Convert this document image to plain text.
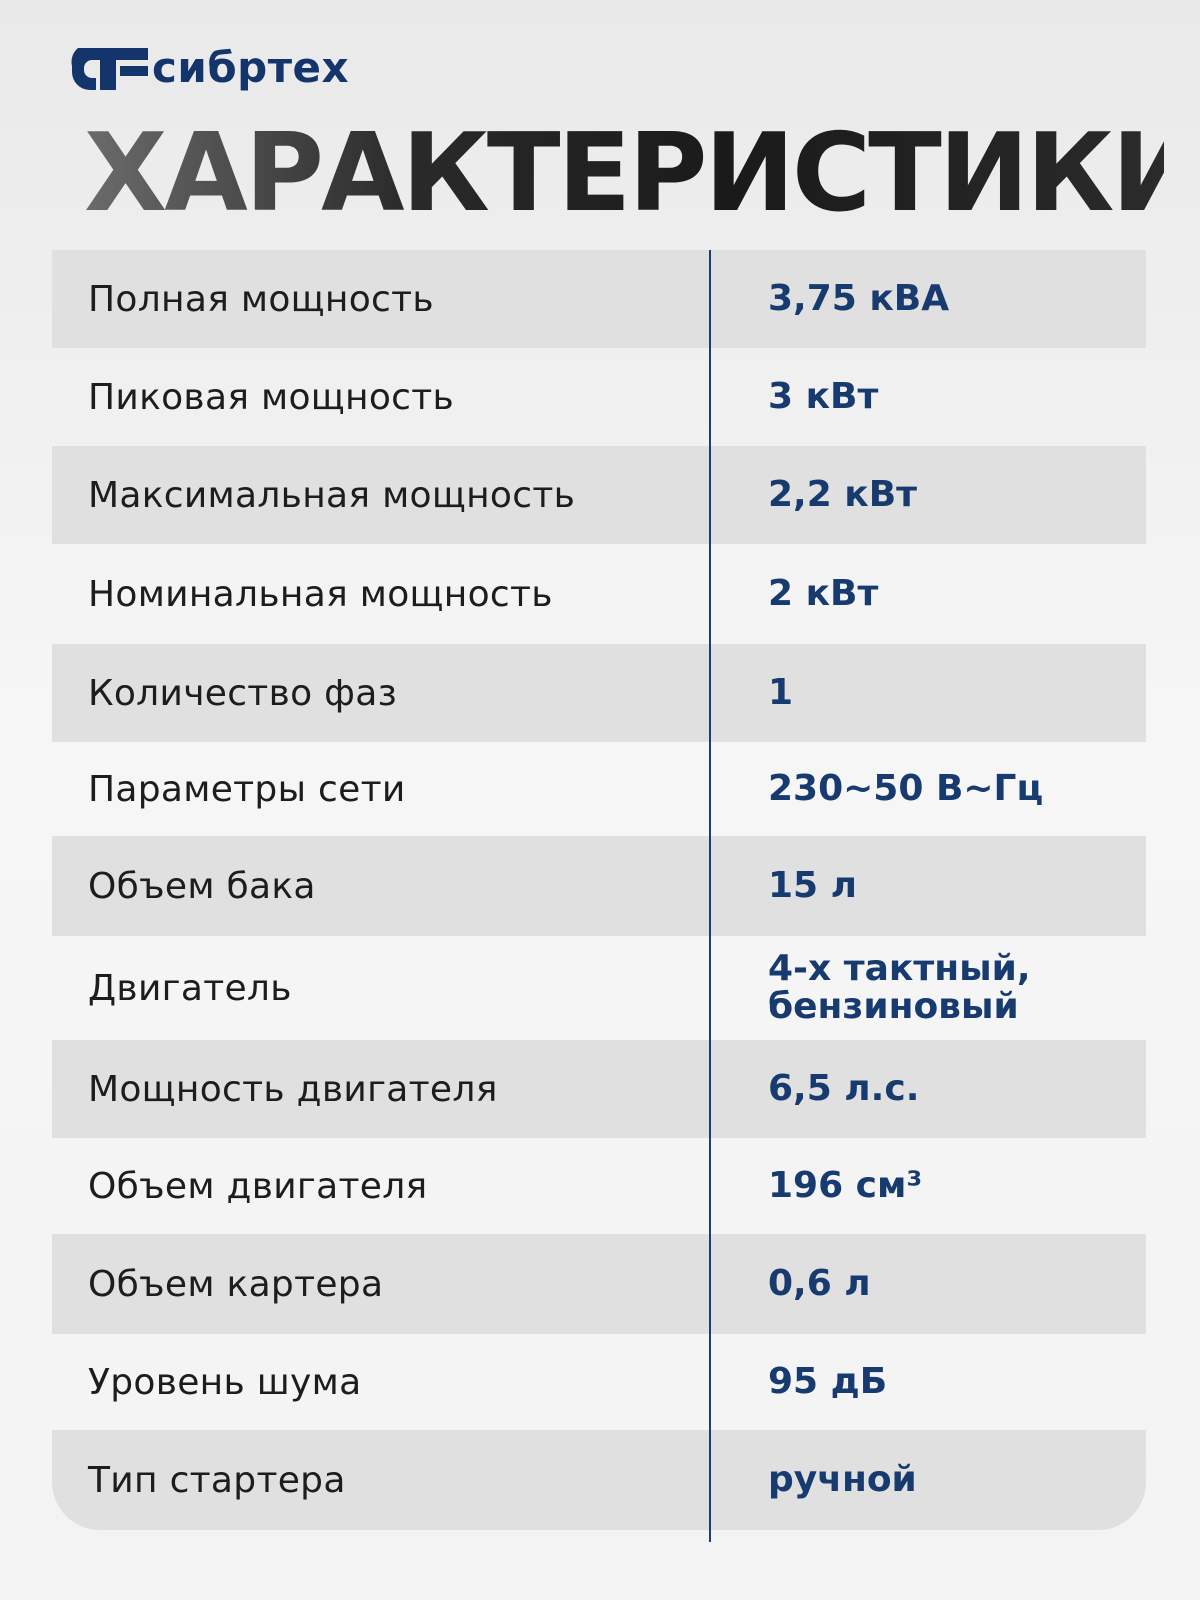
сибртех
ХАРАКТЕРИСТИКИ
Полная мощность	3,75 кВА
Пиковая мощность	3 кВт
Максимальная мощность	2,2 кВт
Номинальная мощность	2 кВт
Количество фаз	1
Параметры сети	230~50 В~Гц
Объем бака	15 л
Двигатель	4-х тактный,
бензиновый
Мощность двигателя	6,5 л.с.
Объем двигателя	196 см³
Объем картера	0,6 л
Уровень шума	95 дБ
Тип стартера	ручной
